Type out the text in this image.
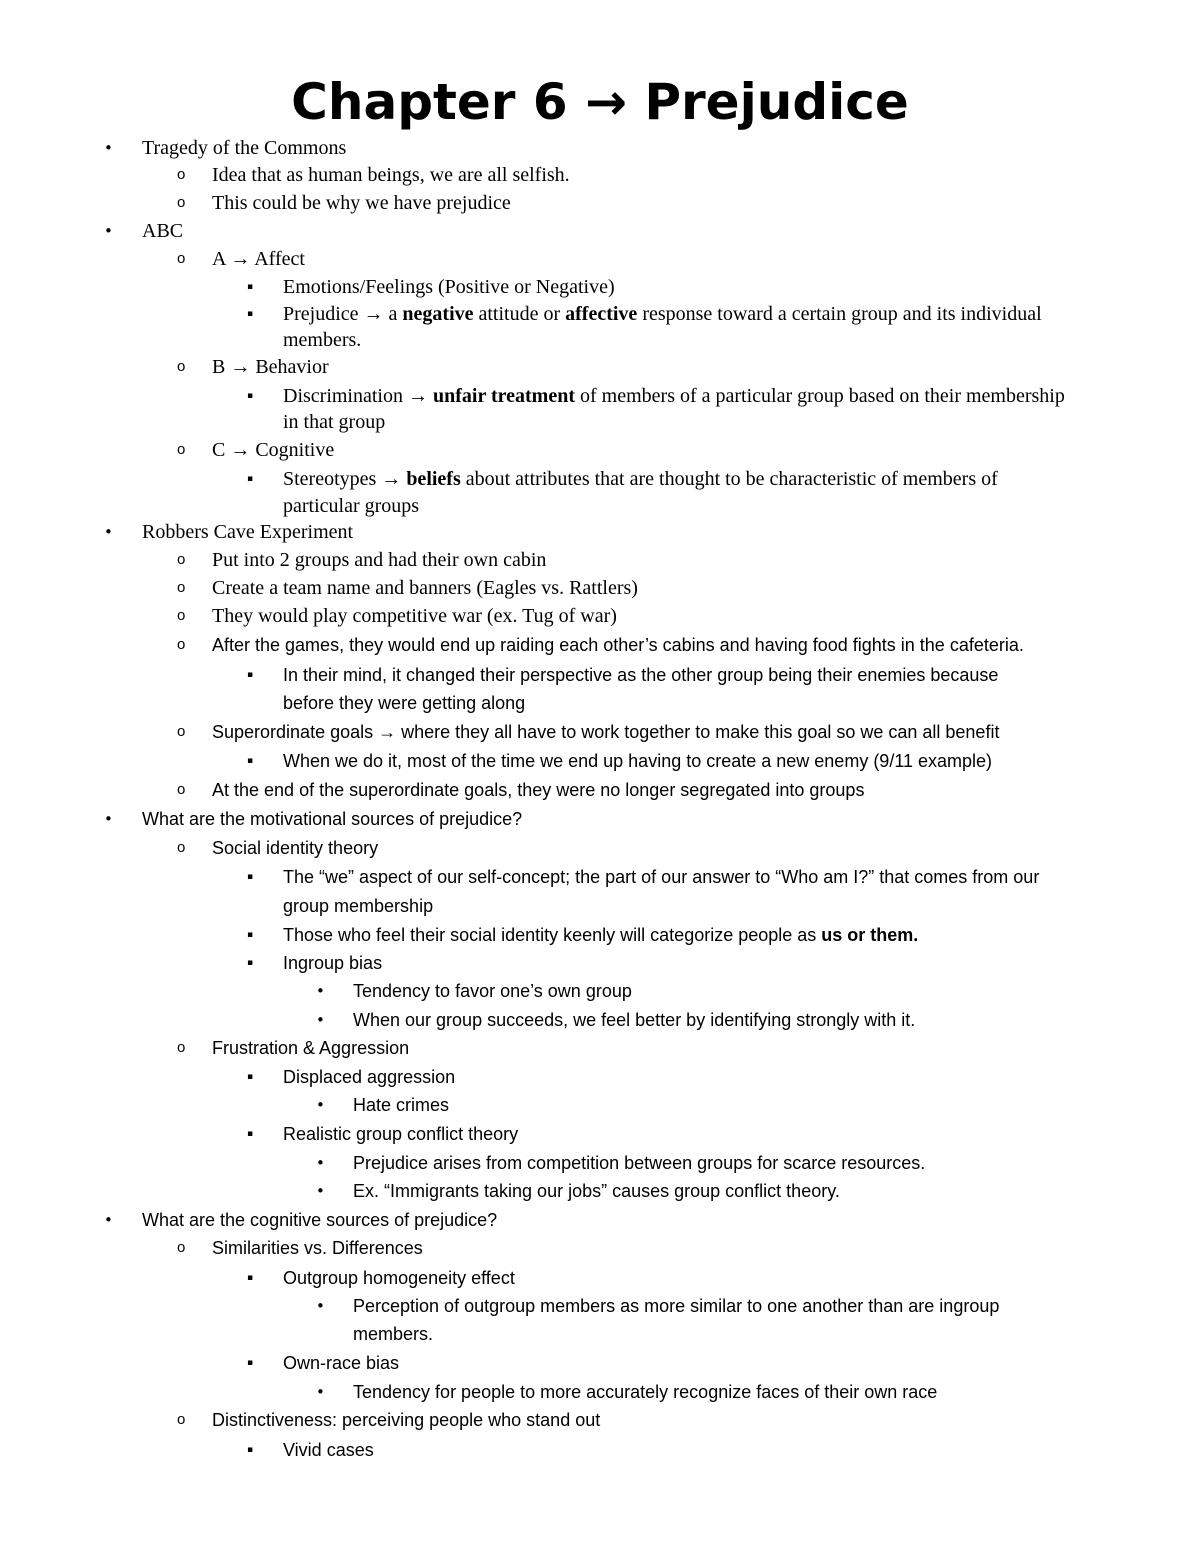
Chapter 6 → Prejudice
• Tragedy of the Commons
o Idea that as human beings, we are all selfish.
o This could be why we have prejudice
• ABC
o A → Affect
▪ Emotions/Feelings (Positive or Negative)
▪ Prejudice → a negative attitude or affective response toward a certain group and its individual
members.
o B → Behavior
▪ Discrimination → unfair treatment of members of a particular group based on their membership
in that group
o C → Cognitive
▪ Stereotypes → beliefs about attributes that are thought to be characteristic of members of
particular groups
• Robbers Cave Experiment
o Put into 2 groups and had their own cabin
o Create a team name and banners (Eagles vs. Rattlers)
o They would play competitive war (ex. Tug of war)
o After the games, they would end up raiding each other’s cabins and having food fights in the cafeteria.
▪ In their mind, it changed their perspective as the other group being their enemies because
before they were getting along
o Superordinate goals → where they all have to work together to make this goal so we can all benefit
▪ When we do it, most of the time we end up having to create a new enemy (9/11 example)
o At the end of the superordinate goals, they were no longer segregated into groups
• What are the motivational sources of prejudice?
o Social identity theory
▪ The “we” aspect of our self-concept; the part of our answer to “Who am I?” that comes from our
group membership
▪ Those who feel their social identity keenly will categorize people as us or them.
▪ Ingroup bias
• Tendency to favor one’s own group
• When our group succeeds, we feel better by identifying strongly with it.
o Frustration & Aggression
▪ Displaced aggression
• Hate crimes
▪ Realistic group conflict theory
• Prejudice arises from competition between groups for scarce resources.
• Ex. “Immigrants taking our jobs” causes group conflict theory.
• What are the cognitive sources of prejudice?
o Similarities vs. Differences
▪ Outgroup homogeneity effect
• Perception of outgroup members as more similar to one another than are ingroup
members.
▪ Own-race bias
• Tendency for people to more accurately recognize faces of their own race
o Distinctiveness: perceiving people who stand out
▪ Vivid cases
